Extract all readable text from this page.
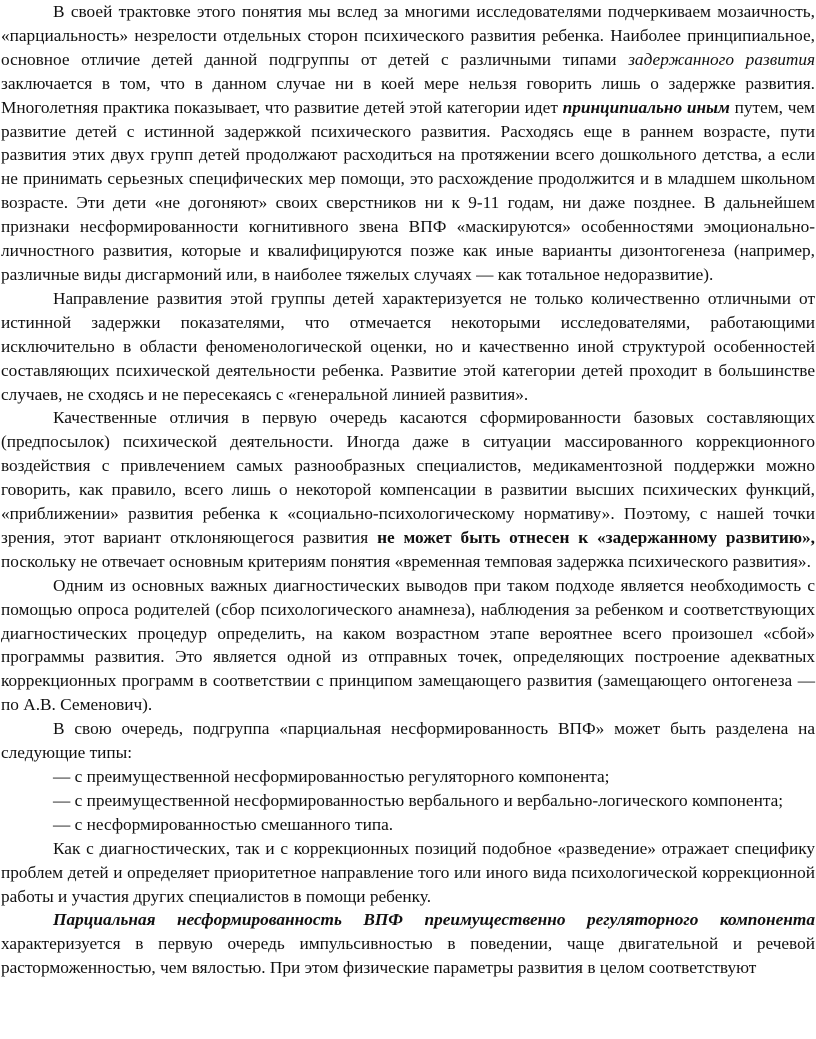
В своей трактовке этого понятия мы вслед за многими исследователями подчеркиваем мозаичность, «парциальность» незрелости отдельных сторон психического развития ребенка. Наиболее принципиальное, основное отличие детей данной подгруппы от детей с различными типами задержанного развития заключается в том, что в данном случае ни в коей мере нельзя говорить лишь о задержке развития. Многолетняя практика показывает, что развитие детей этой категории идет принципиально иным путем, чем развитие детей с истинной задержкой психического развития. Расходясь еще в раннем возрасте, пути развития этих двух групп детей продолжают расходиться на протяжении всего дошкольного детства, а если не принимать серьезных специфических мер помощи, это расхождение продолжится и в младшем школьном возрасте. Эти дети «не догоняют» своих сверстников ни к 9-11 годам, ни даже позднее. В дальнейшем признаки несформированности когнитивного звена ВПФ «маскируются» особенностями эмоционально-личностного развития, которые и квалифицируются позже как иные варианты дизонтогенеза (например, различные виды дисгармоний или, в наиболее тяжелых случаях — как тотальное недоразвитие).

Направление развития этой группы детей характеризуется не только количественно отличными от истинной задержки показателями, что отмечается некоторыми исследователями, работающими исключительно в области феноменологической оценки, но и качественно иной структурой особенностей составляющих психической деятельности ребенка. Развитие этой категории детей проходит в большинстве случаев, не сходясь и не пересекаясь с «генеральной линией развития».

Качественные отличия в первую очередь касаются сформированности базовых составляющих (предпосылок) психической деятельности. Иногда даже в ситуации массированного коррекционного воздействия с привлечением самых разнообразных специалистов, медикаментозной поддержки можно говорить, как правило, всего лишь о некоторой компенсации в развитии высших психических функций, «приближении» развития ребенка к «социально-психологическому нормативу». Поэтому, с нашей точки зрения, этот вариант отклоняющегося развития не может быть отнесен к «задержанному развитию», поскольку не отвечает основным критериям понятия «временная темповая задержка психического развития».

Одним из основных важных диагностических выводов при таком подходе является необходимость с помощью опроса родителей (сбор психологического анамнеза), наблюдения за ребенком и соответствующих диагностических процедур определить, на каком возрастном этапе вероятнее всего произошел «сбой» программы развития. Это является одной из отправных точек, определяющих построение адекватных коррекционных программ в соответствии с принципом замещающего развития (замещающего онтогенеза — по А.В. Семенович).

В свою очередь, подгруппа «парциальная несформированность ВПФ» может быть разделена на следующие типы:

— с преимущественной несформированностью регуляторного компонента;

— с преимущественной несформированностью вербального и вербально-логического компонента;

— с несформированностью смешанного типа.

Как с диагностических, так и с коррекционных позиций подобное «разведение» отражает специфику проблем детей и определяет приоритетное направление того или иного вида психологической коррекционной работы и участия других специалистов в помощи ребенку.

Парциальная несформированность ВПФ преимущественно регуляторного компонента характеризуется в первую очередь импульсивностью в поведении, чаще двигательной и речевой расторможенностью, чем вялостью. При этом физические параметры развития в целом соответствуют
